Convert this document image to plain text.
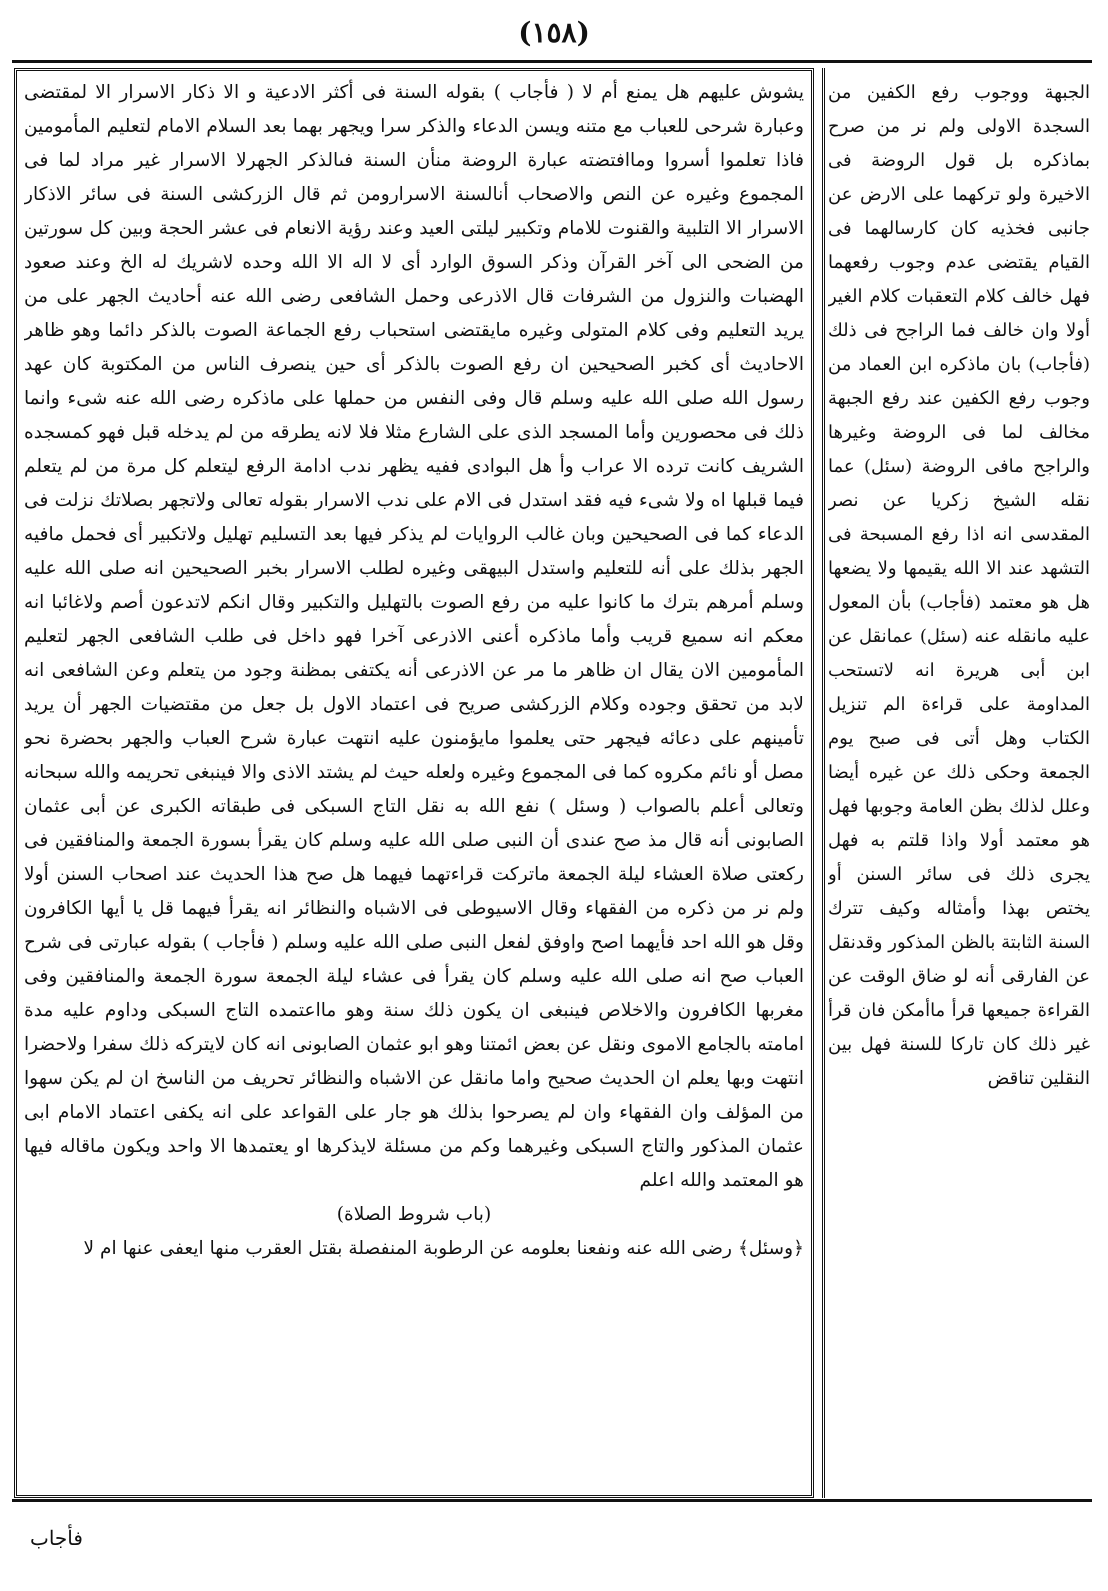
(١٥٨)

يشوش عليهم هل يمنع أم لا ( فأجاب ) بقوله السنة فى أكثر الادعية و الا ذكار الاسرار الا لمقتضى وعبارة شرحى للعباب مع متنه ويسن الدعاء والذكر سرا ويجهر بهما بعد السلام الامام لتعليم المأمومين فاذا تعلموا أسروا وماافتضته عبارة الروضة منأن السنة فىالذكر الجهرلا الاسرار غير مراد لما فى المجموع وغيره عن النص والاصحاب أنالسنة الاسرارومن ثم قال الزركشى السنة فى سائر الاذكار الاسرار الا التلبية والقنوت للامام وتكبير ليلتى العيد وعند رؤية الانعام فى عشر الحجة وبين كل سورتين من الضحى الى آخر القرآن وذكر السوق الوارد أى لا اله الا الله وحده لاشريك له الخ وعند صعود الهضبات والنزول من الشرفات قال الاذرعى وحمل الشافعى رضى الله عنه أحاديث الجهر على من يريد التعليم وفى كلام المتولى وغيره مايقتضى استحباب رفع الجماعة الصوت بالذكر دائما وهو ظاهر الاحاديث أى كخبر الصحيحين ان رفع الصوت بالذكر أى حين ينصرف الناس من المكتوبة كان عهد رسول الله صلى الله عليه وسلم قال وفى النفس من حملها على ماذكره رضى الله عنه شىء وانما ذلك فى محصورين وأما المسجد الذى على الشارع مثلا فلا لانه يطرقه من لم يدخله قبل فهو كمسجده الشريف كانت ترده الا عراب وأ هل البوادى ففيه يظهر ندب ادامة الرفع ليتعلم كل مرة من لم يتعلم فيما قبلها اه ولا شىء فيه فقد استدل فى الام على ندب الاسرار بقوله تعالى ولاتجهر بصلاتك نزلت فى الدعاء كما فى الصحيحين وبان غالب الروايات لم يذكر فيها بعد التسليم تهليل ولاتكبير أى فحمل مافيه الجهر بذلك على أنه للتعليم واستدل البيهقى وغيره لطلب الاسرار بخبر الصحيحين انه صلى الله عليه وسلم أمرهم بترك ما كانوا عليه من رفع الصوت بالتهليل والتكبير وقال انكم لاتدعون أصم ولاغائبا انه معكم انه سميع قريب وأما ماذكره أعنى الاذرعى آخرا فهو داخل فى طلب الشافعى الجهر لتعليم المأمومين الان يقال ان ظاهر ما مر عن الاذرعى أنه يكتفى بمظنة وجود من يتعلم وعن الشافعى انه لابد من تحقق وجوده وكلام الزركشى صريح فى اعتماد الاول بل جعل من مقتضيات الجهر أن يريد تأمينهم على دعائه فيجهر حتى يعلموا مايؤمنون عليه انتهت عبارة شرح العباب والجهر بحضرة نحو مصل أو نائم مكروه كما فى المجموع وغيره ولعله حيث لم يشتد الاذى والا فينبغى تحريمه والله سبحانه وتعالى أعلم بالصواب ( وسئل ) نفع الله به نقل التاج السبكى فى طبقاته الكبرى عن أبى عثمان الصابونى أنه قال مذ صح عندى أن النبى صلى الله عليه وسلم كان يقرأ بسورة الجمعة والمنافقين فى ركعتى صلاة العشاء ليلة الجمعة ماتركت قراءتهما فيهما هل صح هذا الحديث عند اصحاب السنن أولا ولم نر من ذكره من الفقهاء وقال الاسيوطى فى الاشباه والنظائر انه يقرأ فيهما قل يا أيها الكافرون وقل هو الله احد فأيهما اصح واوفق لفعل النبى صلى الله عليه وسلم ( فأجاب ) بقوله عبارتى فى شرح العباب صح انه صلى الله عليه وسلم كان يقرأ فى عشاء ليلة الجمعة سورة الجمعة والمنافقين وفى مغربها الكافرون والاخلاص فينبغى ان يكون ذلك سنة وهو مااعتمده التاج السبكى وداوم عليه مدة امامته بالجامع الاموى ونقل عن بعض ائمتنا وهو ابو عثمان الصابونى انه كان لايتركه ذلك سفرا ولاحضرا انتهت وبها يعلم ان الحديث صحيح واما مانقل عن الاشباه والنظائر تحريف من الناسخ ان لم يكن سهوا من المؤلف وان الفقهاء وان لم يصرحوا بذلك هو جار على القواعد على انه يكفى اعتماد الامام ابى عثمان المذكور والتاج السبكى وغيرهما وكم من مسئلة لايذكرها او يعتمدها الا واحد ويكون ماقاله فيها هو المعتمد والله اعلم

(باب شروط الصلاة)

﴿وسئل﴾ رضى الله عنه ونفعنا بعلومه عن الرطوبة المنفصلة بقتل العقرب منها ايعفى عنها ام لا

الجبهة ووجوب رفع الكفين من السجدة الاولى ولم نر من صرح بماذكره بل قول الروضة فى الاخيرة ولو تركهما على الارض عن جانبى فخذيه كان كارسالهما فى القيام يقتضى عدم وجوب رفعهما فهل خالف كلام التعقبات كلام الغير أولا وان خالف فما الراجح فى ذلك (فأجاب) بان ماذكره ابن العماد من وجوب رفع الكفين عند رفع الجبهة مخالف لما فى الروضة وغيرها والراجح مافى الروضة (سئل) عما نقله الشيخ زكريا عن نصر المقدسى انه اذا رفع المسبحة فى التشهد عند الا الله يقيمها ولا يضعها هل هو معتمد (فأجاب) بأن المعول عليه مانقله عنه (سئل) عمانقل عن ابن أبى هريرة انه لاتستحب المداومة على قراءة الم تنزيل الكتاب وهل أتى فى صبح يوم الجمعة وحكى ذلك عن غيره أيضا وعلل لذلك بظن العامة وجوبها فهل هو معتمد أولا واذا قلتم به فهل يجرى ذلك فى سائر السنن أو يختص بهذا وأمثاله وكيف تترك السنة الثابتة بالظن المذكور وقدنقل عن الفارقى أنه لو ضاق الوقت عن القراءة جميعها قرأ ماأمكن فان قرأ غير ذلك كان تاركا للسنة فهل بين النقلين تناقض

فأجاب
